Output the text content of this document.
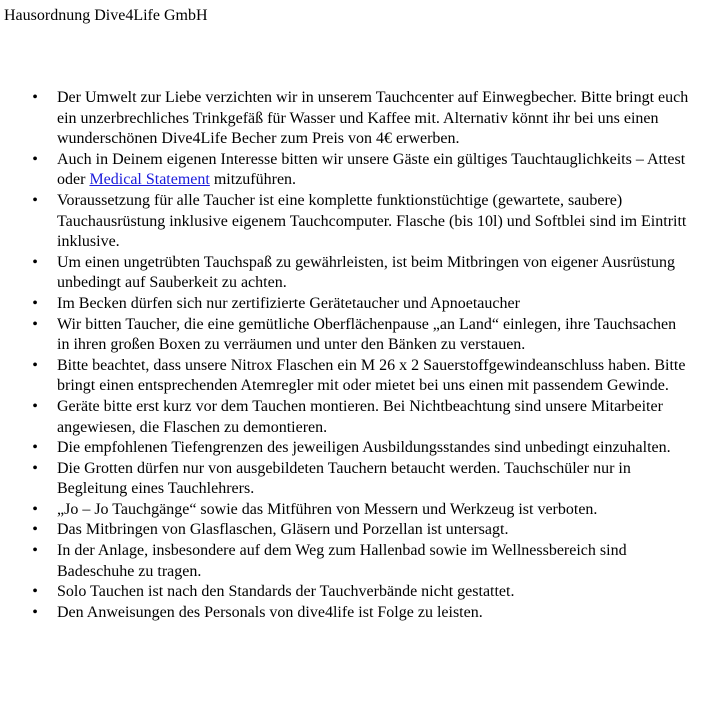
Hausordnung Dive4Life GmbH
• Der Umwelt zur Liebe verzichten wir in unserem Tauchcenter auf Einwegbecher. Bitte bringt euch ein unzerbrechliches Trinkgefäß für Wasser und Kaffee mit. Alternativ könnt ihr bei uns einen wunderschönen Dive4Life Becher zum Preis von 4€ erwerben.
• Auch in Deinem eigenen Interesse bitten wir unsere Gäste ein gültiges Tauchtauglichkeits – Attest oder Medical Statement mitzuführen.
• Voraussetzung für alle Taucher ist eine komplette funktionstüchtige (gewartete, saubere) Tauchausrüstung inklusive eigenem Tauchcomputer. Flasche (bis 10l) und Softblei sind im Eintritt inklusive.
• Um einen ungetrübten Tauchspaß zu gewährleisten, ist beim Mitbringen von eigener Ausrüstung unbedingt auf Sauberkeit zu achten.
• Im Becken dürfen sich nur zertifizierte Gerätetaucher und Apnoetaucher
• Wir bitten Taucher, die eine gemütliche Oberflächenpause „an Land“ einlegen, ihre Tauchsachen in ihren großen Boxen zu verräumen und unter den Bänken zu verstauen.
• Bitte beachtet, dass unsere Nitrox Flaschen ein M 26 x 2 Sauerstoffgewindeanschluss haben. Bitte bringt einen entsprechenden Atemregler mit oder mietet bei uns einen mit passendem Gewinde.
• Geräte bitte erst kurz vor dem Tauchen montieren. Bei Nichtbeachtung sind unsere Mitarbeiter angewiesen, die Flaschen zu demontieren.
• Die empfohlenen Tiefengrenzen des jeweiligen Ausbildungsstandes sind unbedingt einzuhalten.
• Die Grotten dürfen nur von ausgebildeten Tauchern betaucht werden. Tauchschüler nur in Begleitung eines Tauchlehrers.
• „Jo – Jo Tauchgänge“ sowie das Mitführen von Messern und Werkzeug ist verboten.
• Das Mitbringen von Glasflaschen, Gläsern und Porzellan ist untersagt.
• In der Anlage, insbesondere auf dem Weg zum Hallenbad sowie im Wellnessbereich sind Badeschuhe zu tragen.
• Solo Tauchen ist nach den Standards der Tauchverbände nicht gestattet.
• Den Anweisungen des Personals von dive4life ist Folge zu leisten.
